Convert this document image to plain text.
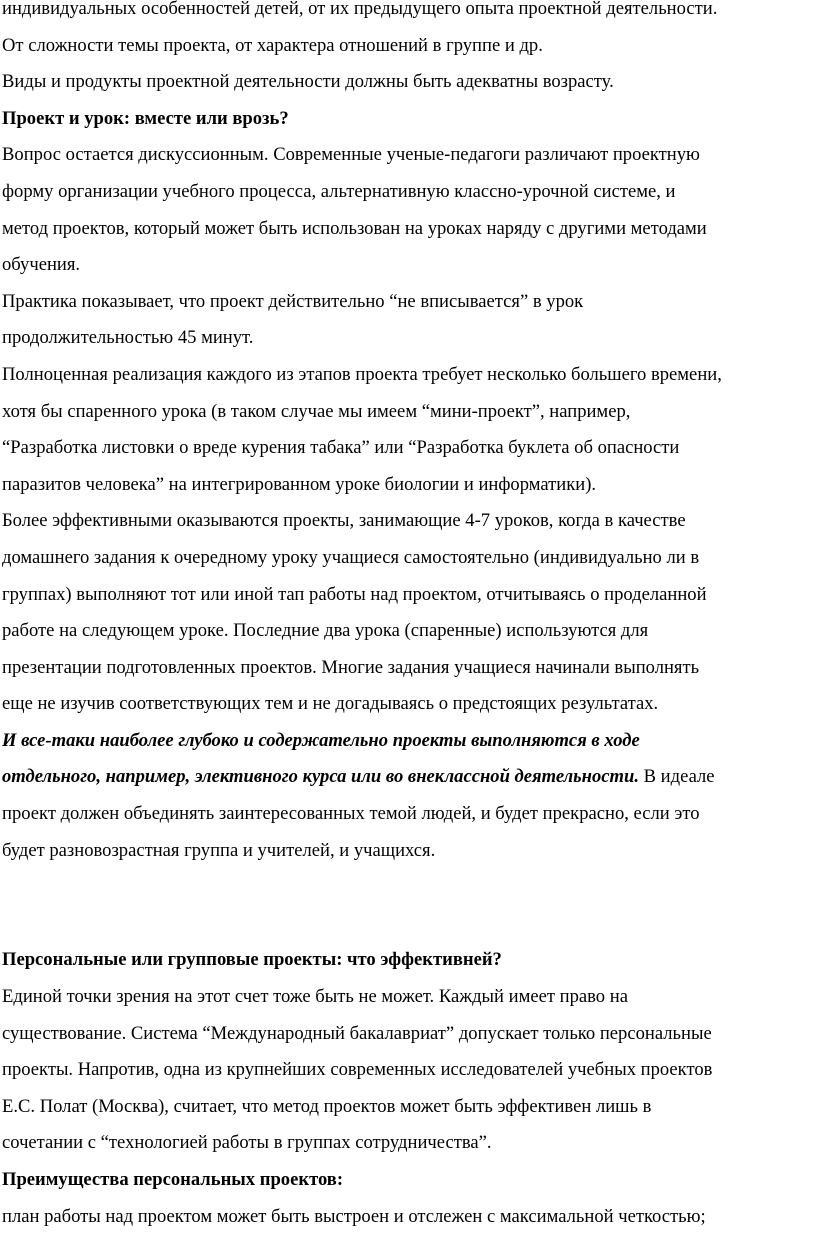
индивидуальных особенностей детей, от их предыдущего опыта проектной деятельности.
От сложности темы проекта, от характера отношений в группе и др.
Виды и продукты проектной деятельности должны быть адекватны возрасту.
Проект и урок: вместе или врозь?
Вопрос остается дискуссионным. Современные ученые-педагоги различают проектную
форму организации учебного процесса, альтернативную классно-урочной системе, и
метод проектов, который может быть использован на уроках наряду с другими методами
обучения.
Практика показывает, что проект действительно “не вписывается” в урок
продолжительностью 45 минут.
Полноценная реализация каждого из этапов проекта требует несколько большего времени,
хотя бы спаренного урока (в таком случае мы имеем “мини-проект”, например,
“Разработка листовки о вреде курения табака” или “Разработка буклета об опасности
паразитов человека” на интегрированном уроке биологии и информатики).
Более эффективными оказываются проекты, занимающие 4-7 уроков, когда в качестве
домашнего задания к очередному уроку учащиеся самостоятельно (индивидуально ли в
группах) выполняют тот или иной тап работы над проектом, отчитываясь о проделанной
работе на следующем уроке. Последние два урока (спаренные) используются для
презентации подготовленных проектов. Многие задания учащиеся начинали выполнять
еще не изучив соответствующих тем и не догадываясь о предстоящих результатах.
И все-таки наиболее глубоко и содержательно проекты выполняются в ходе
отдельного, например, элективного курса или во внеклассной деятельности. В идеале
проект должен объединять заинтересованных темой людей, и будет прекрасно, если это
будет разновозрастная группа и учителей, и учащихся.
Персональные или групповые проекты: что эффективней?
Единой точки зрения на этот счет тоже быть не может. Каждый имеет право на
существование. Система “Международный бакалавриат” допускает только персональные
проекты. Напротив, одна из крупнейших современных исследователей учебных проектов
Е.С. Полат (Москва), считает, что метод проектов может быть эффективен лишь в
сочетании с “технологией работы в группах сотрудничества”.
Преимущества персональных проектов:
план работы над проектом может быть выстроен и отслежен с максимальной четкостью;
